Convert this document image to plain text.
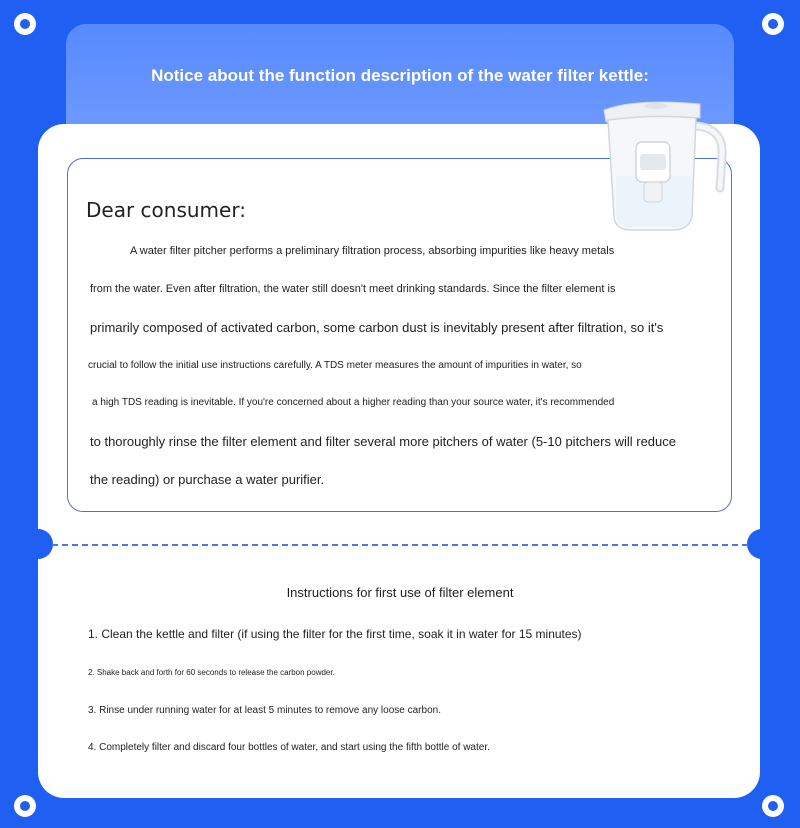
Notice about the function description of the water filter kettle:
Dear consumer:
A water filter pitcher performs a preliminary filtration process, absorbing impurities like heavy metals
from the water. Even after filtration, the water still doesn't meet drinking standards. Since the filter element is
primarily composed of activated carbon, some carbon dust is inevitably present after filtration, so it's
crucial to follow the initial use instructions carefully. A TDS meter measures the amount of impurities in water, so
a high TDS reading is inevitable. If you're concerned about a higher reading than your source water, it's recommended
to thoroughly rinse the filter element and filter several more pitchers of water (5-10 pitchers will reduce
the reading) or purchase a water purifier.
Instructions for first use of filter element
1. Clean the kettle and filter (if using the filter for the first time, soak it in water for 15 minutes)
2. Shake back and forth for 60 seconds to release the carbon powder.
3. Rinse under running water for at least 5 minutes to remove any loose carbon.
4. Completely filter and discard four bottles of water, and start using the fifth bottle of water.
